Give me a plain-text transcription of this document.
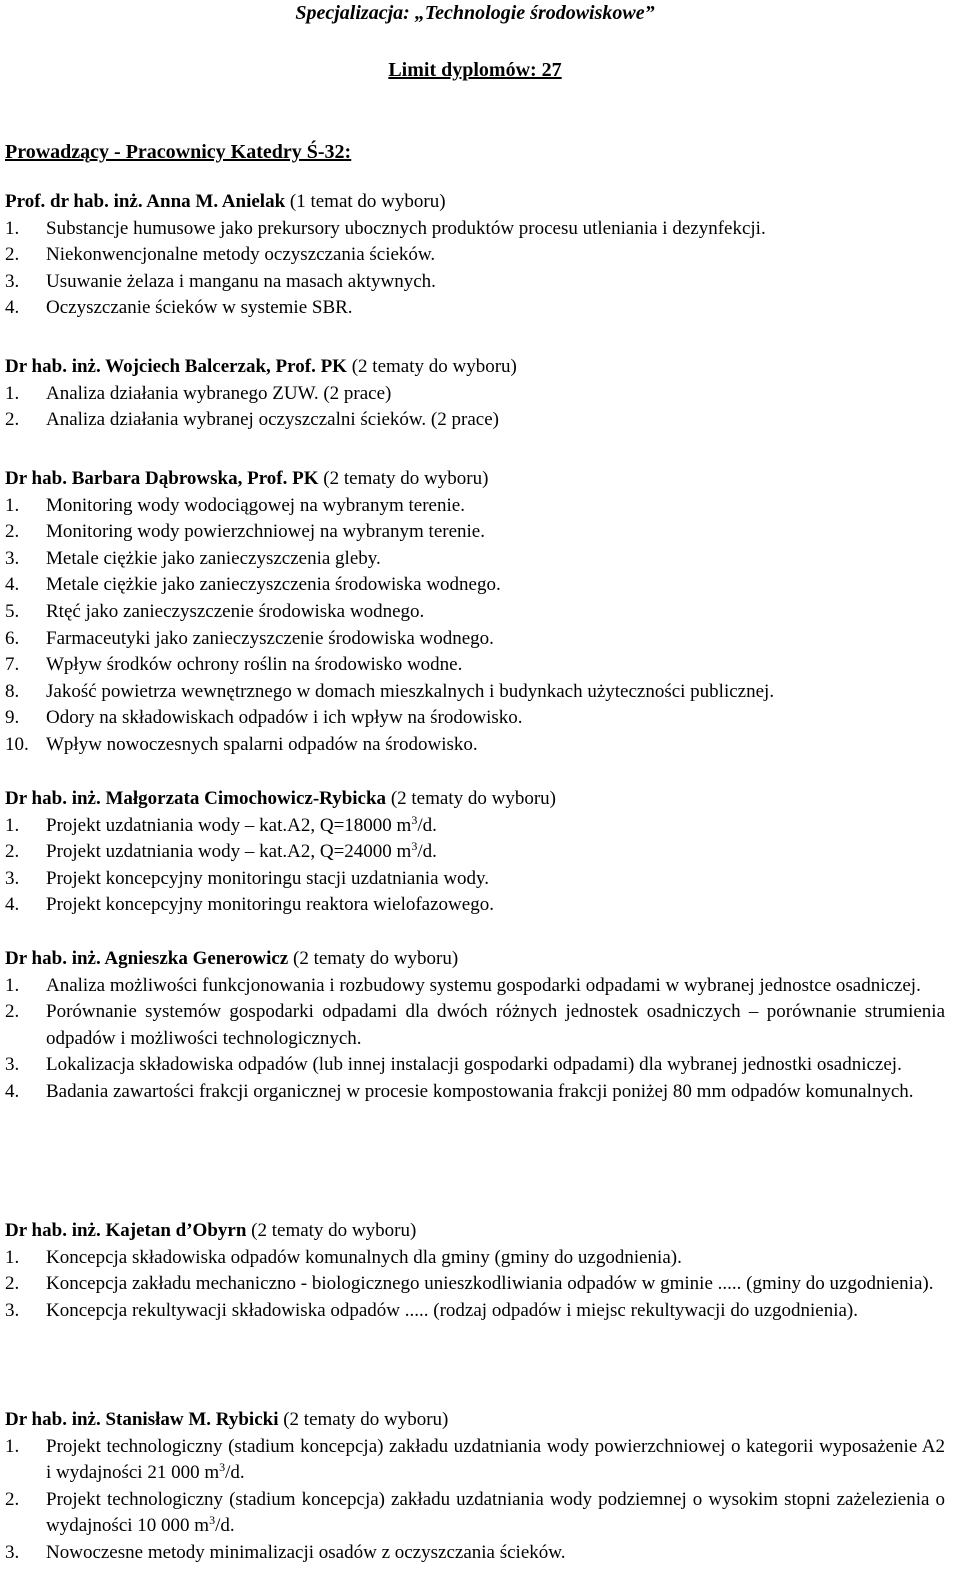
Specjalizacja: „Technologie środowiskowe”
Limit dyplomów: 27
Prowadzący - Pracownicy Katedry Ś-32:
Prof. dr hab. inż. Anna M. Anielak (1 temat do wyboru)
1.	Substancje humusowe jako prekursory ubocznych produktów procesu utleniania i dezynfekcji.
2.	Niekonwencjonalne metody oczyszczania ścieków.
3.	Usuwanie żelaza i manganu na masach aktywnych.
4.	Oczyszczanie ścieków w systemie SBR.
Dr hab. inż. Wojciech Balcerzak, Prof. PK (2 tematy do wyboru)
1.	Analiza działania wybranego ZUW. (2 prace)
2.	Analiza działania wybranej oczyszczalni ścieków. (2 prace)
Dr hab. Barbara Dąbrowska, Prof. PK (2 tematy do wyboru)
1.	Monitoring wody wodociągowej na wybranym terenie.
2.	Monitoring wody powierzchniowej na wybranym terenie.
3.	Metale ciężkie jako zanieczyszczenia gleby.
4.	Metale ciężkie jako zanieczyszczenia środowiska wodnego.
5.	Rtęć jako zanieczyszczenie środowiska wodnego.
6.	Farmaceutyki jako zanieczyszczenie środowiska wodnego.
7.	Wpływ środków ochrony roślin na środowisko wodne.
8.	Jakość powietrza wewnętrznego w domach mieszkalnych i budynkach użyteczności publicznej.
9.	Odory na składowiskach odpadów i ich wpływ na środowisko.
10. Wpływ nowoczesnych spalarni odpadów na środowisko.
Dr hab. inż. Małgorzata Cimochowicz-Rybicka (2 tematy do wyboru)
1.	Projekt uzdatniania wody – kat.A2, Q=18000 $m^3/d$.
2.	Projekt uzdatniania wody – kat.A2, Q=24000 $m^3/d$.
3.	Projekt koncepcyjny monitoringu stacji uzdatniania wody.
4.	Projekt koncepcyjny monitoringu reaktora wielofazowego.
Dr hab. inż. Agnieszka Generowicz (2 tematy do wyboru)
1.	Analiza możliwości funkcjonowania i rozbudowy systemu gospodarki odpadami w wybranej jednostce osadniczej.
2.	Porównanie systemów gospodarki odpadami dla dwóch różnych jednostek osadniczych – porównanie strumienia odpadów i możliwości technologicznych.
3.	Lokalizacja składowiska odpadów (lub innej instalacji gospodarki odpadami) dla wybranej jednostki osadniczej.
4.	Badania zawartości frakcji organicznej w procesie kompostowania frakcji poniżej 80 mm odpadów komunalnych.
Dr hab. inż. Kajetan d’Obyrn (2 tematy do wyboru)
1.	Koncepcja składowiska odpadów komunalnych dla gminy (gminy do uzgodnienia).
2.	Koncepcja zakładu mechaniczno - biologicznego unieszkodliwiania odpadów w gminie ..... (gminy do uzgodnienia).
3.	Koncepcja rekultywacji składowiska odpadów ..... (rodzaj odpadów i miejsc rekultywacji do uzgodnienia).
Dr hab. inż. Stanisław M. Rybicki (2 tematy do wyboru)
1.	Projekt technologiczny (stadium koncepcja) zakładu uzdatniania wody powierzchniowej o kategorii wyposażenie A2 i wydajności 21 000 $m^3/d$.
2.	Projekt technologiczny (stadium koncepcja) zakładu uzdatniania wody podziemnej o wysokim stopni zażelezienia o wydajności 10 000 $m^3/d$.
3.	Nowoczesne metody minimalizacji osadów z oczyszczania ścieków.
